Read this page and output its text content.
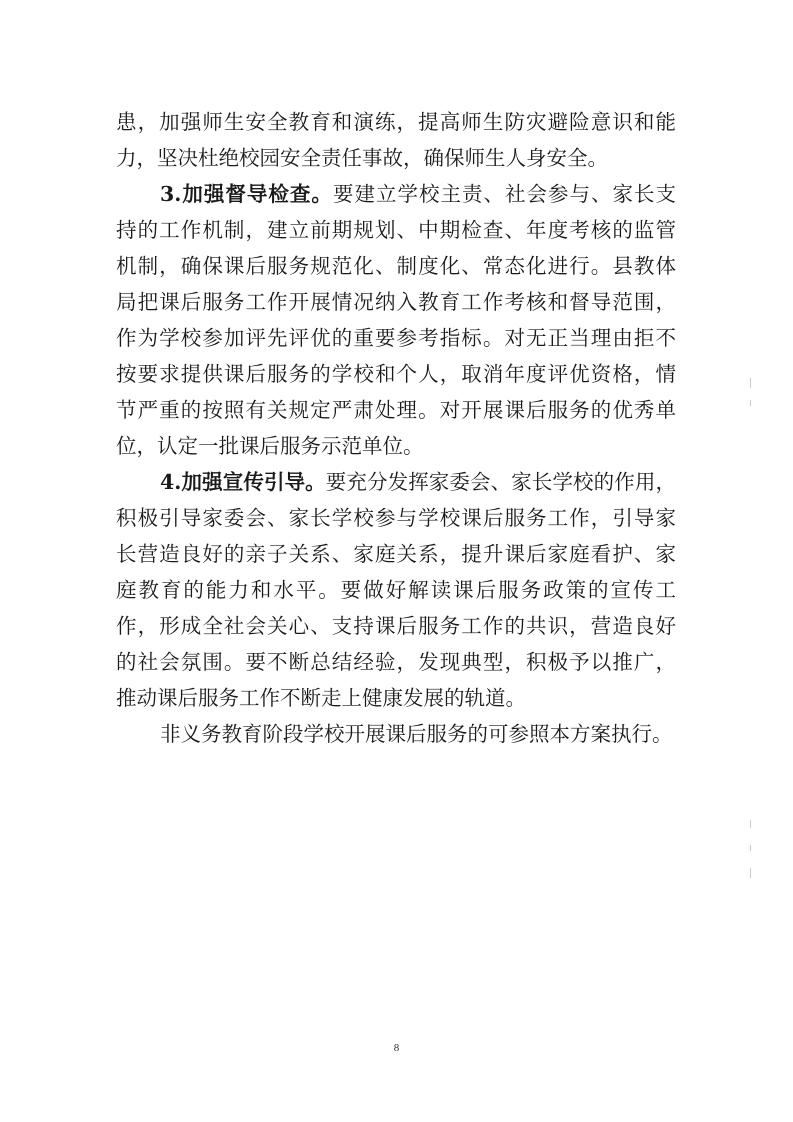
患，加强师生安全教育和演练，提高师生防灾避险意识和能
力，坚决杜绝校园安全责任事故，确保师生人身安全。
3.加强督导检查。要建立学校主责、社会参与、家长支
持的工作机制，建立前期规划、中期检查、年度考核的监管
机制，确保课后服务规范化、制度化、常态化进行。县教体
局把课后服务工作开展情况纳入教育工作考核和督导范围，
作为学校参加评先评优的重要参考指标。对无正当理由拒不
按要求提供课后服务的学校和个人，取消年度评优资格，情
节严重的按照有关规定严肃处理。对开展课后服务的优秀单
位，认定一批课后服务示范单位。
4.加强宣传引导。要充分发挥家委会、家长学校的作用，
积极引导家委会、家长学校参与学校课后服务工作，引导家
长营造良好的亲子关系、家庭关系，提升课后家庭看护、家
庭教育的能力和水平。要做好解读课后服务政策的宣传工
作，形成全社会关心、支持课后服务工作的共识，营造良好
的社会氛围。要不断总结经验，发现典型，积极予以推广，
推动课后服务工作不断走上健康发展的轨道。
非义务教育阶段学校开展课后服务的可参照本方案执行。
8
